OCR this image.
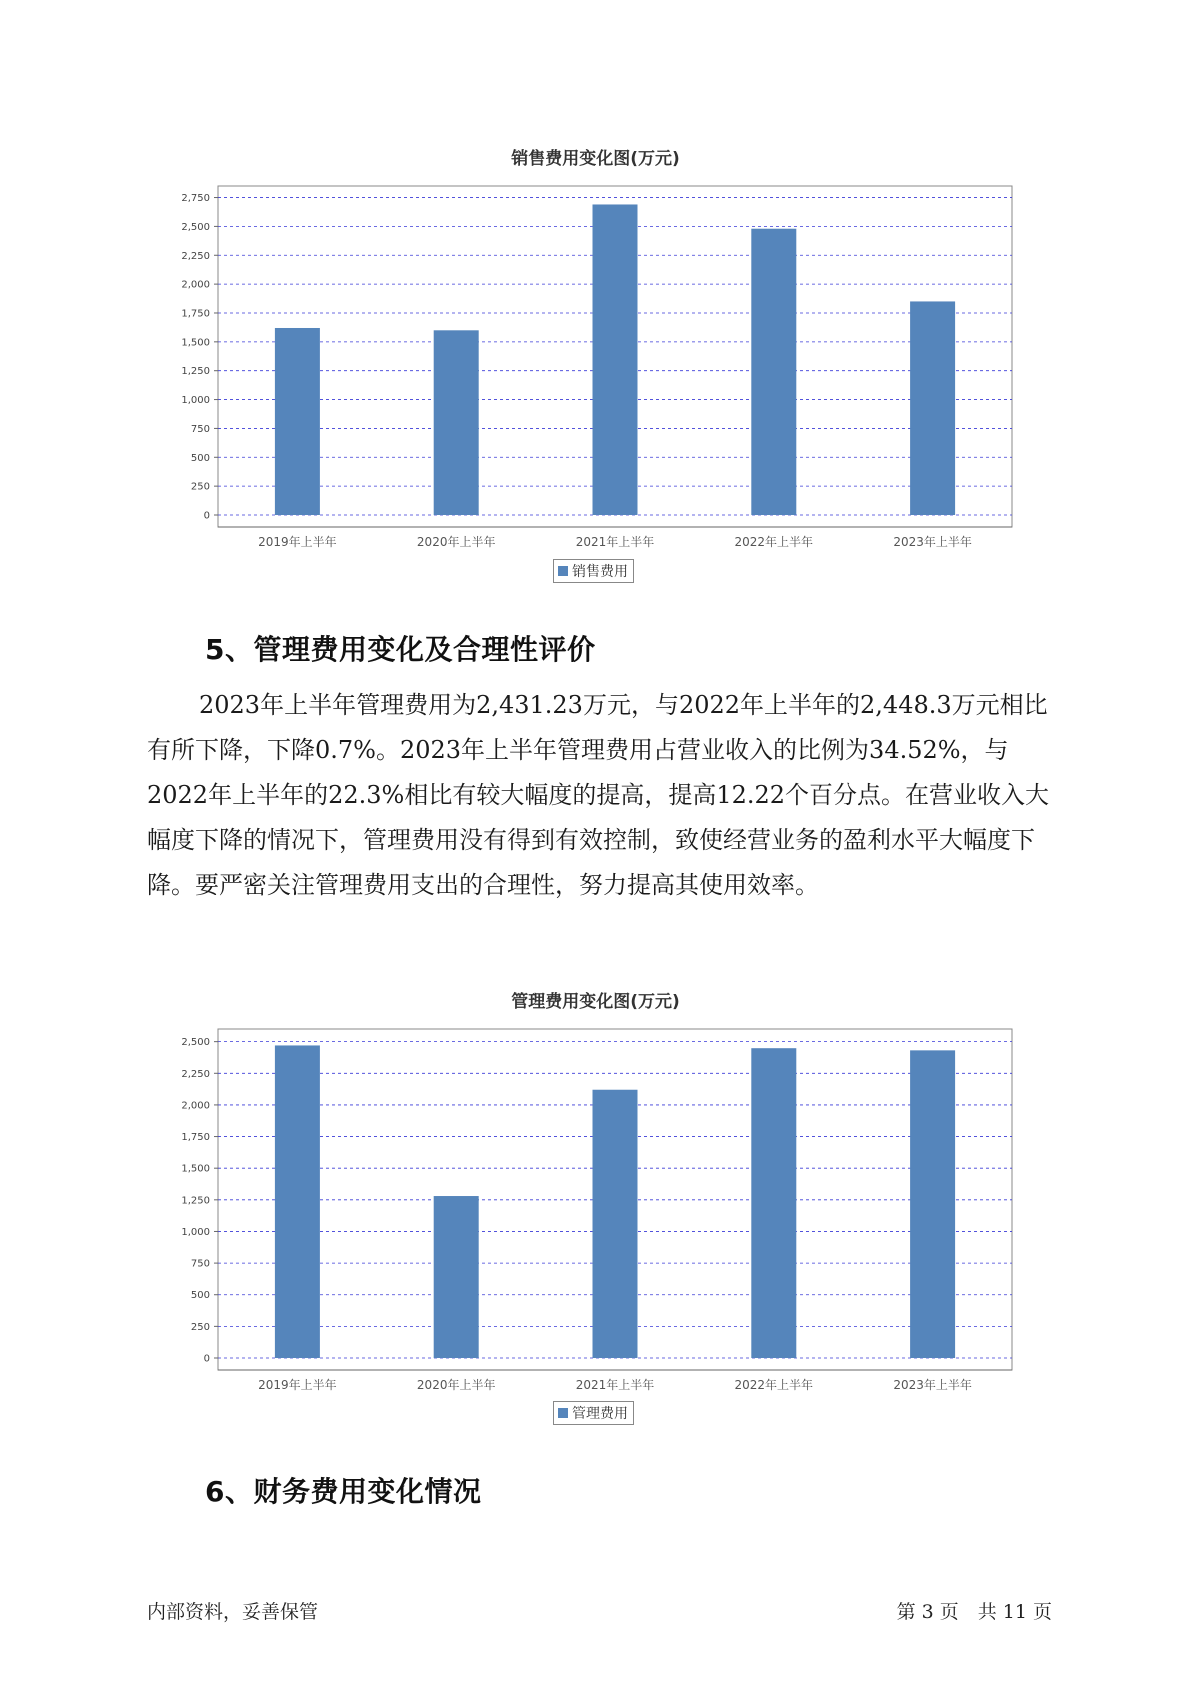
销售费用变化图(万元)
0
250
500
750
1,000
1,250
1,500
1,750
2,000
2,250
2,500
2,750
2019年上半年	2020年上半年	2021年上半年	2022年上半年	2023年上半年
销售费用
5、管理费用变化及合理性评价

2023年上半年管理费用为2,431.23万元，与2022年上半年的2,448.3万元相比有所下降，下降0.7%。2023年上半年管理费用占营业收入的比例为34.52%，与2022年上半年的22.3%相比有较大幅度的提高，提高12.22个百分点。在营业收入大幅度下降的情况下，管理费用没有得到有效控制，致使经营业务的盈利水平大幅度下降。要严密关注管理费用支出的合理性，努力提高其使用效率。

管理费用变化图(万元)
0
250
500
750
1,000
1,250
1,500
1,750
2,000
2,250
2,500
2019年上半年	2020年上半年	2021年上半年	2022年上半年	2023年上半年
管理费用
6、财务费用变化情况
内部资料，妥善保管	第 3 页　共 11 页
